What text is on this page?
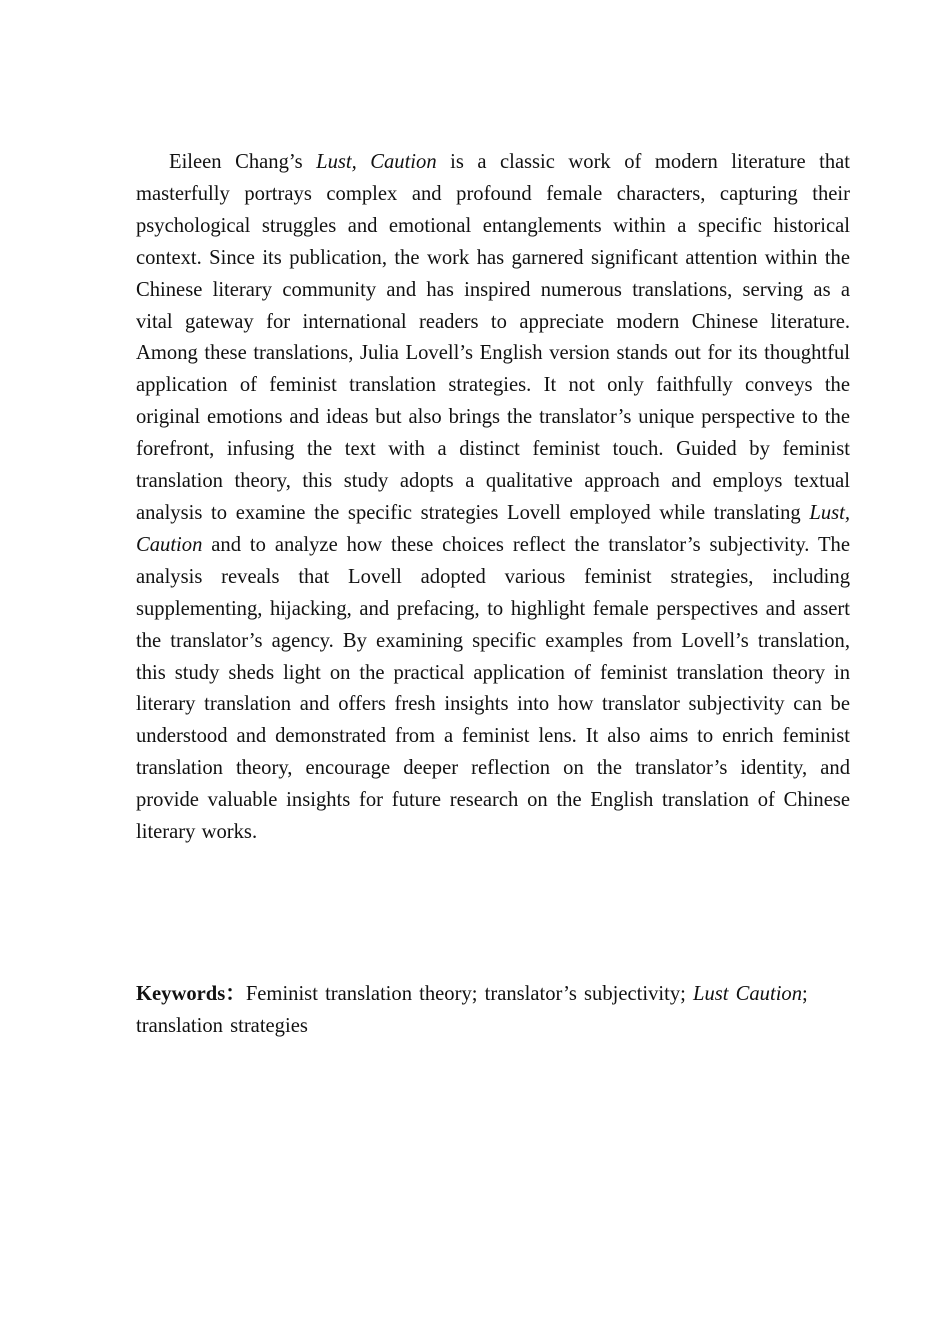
Eileen Chang’s Lust, Caution is a classic work of modern literature that masterfully portrays complex and profound female characters, capturing their psychological struggles and emotional entanglements within a specific historical context. Since its publication, the work has garnered significant attention within the Chinese literary community and has inspired numerous translations, serving as a vital gateway for international readers to appreciate modern Chinese literature. Among these translations, Julia Lovell’s English version stands out for its thoughtful application of feminist translation strategies. It not only faithfully conveys the original emotions and ideas but also brings the translator’s unique perspective to the forefront, infusing the text with a distinct feminist touch. Guided by feminist translation theory, this study adopts a qualitative approach and employs textual analysis to examine the specific strategies Lovell employed while translating Lust, Caution and to analyze how these choices reflect the translator’s subjectivity. The analysis reveals that Lovell adopted various feminist strategies, including supplementing, hijacking, and prefacing, to highlight female perspectives and assert the translator’s agency. By examining specific examples from Lovell’s translation, this study sheds light on the practical application of feminist translation theory in literary translation and offers fresh insights into how translator subjectivity can be understood and demonstrated from a feminist lens. It also aims to enrich feminist translation theory, encourage deeper reflection on the translator’s identity, and provide valuable insights for future research on the English translation of Chinese literary works.

Keywords：Feminist translation theory; translator’s subjectivity; Lust Caution; translation strategies
